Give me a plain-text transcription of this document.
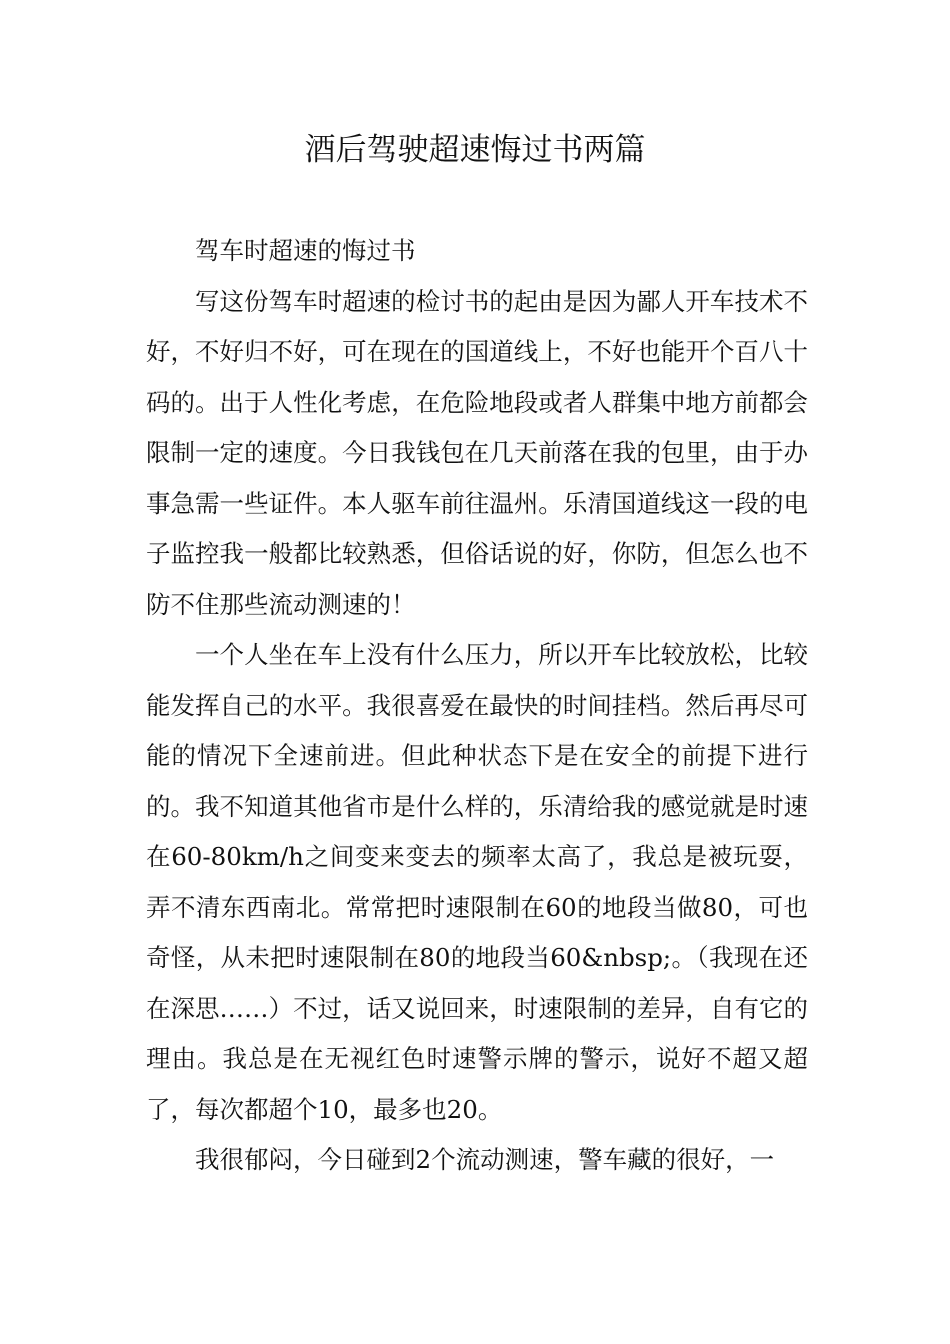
酒后驾驶超速悔过书两篇

驾车时超速的悔过书

写这份驾车时超速的检讨书的起由是因为鄙人开车技术不好，不好归不好，可在现在的国道线上，不好也能开个百八十码的。出于人性化考虑，在危险地段或者人群集中地方前都会限制一定的速度。今日我钱包在几天前落在我的包里，由于办事急需一些证件。本人驱车前往温州。乐清国道线这一段的电子监控我一般都比较熟悉，但俗话说的好，你防，但怎么也不防不住那些流动测速的！

一个人坐在车上没有什么压力，所以开车比较放松，比较能发挥自己的水平。我很喜爱在最快的时间挂档。然后再尽可能的情况下全速前进。但此种状态下是在安全的前提下进行的。我不知道其他省市是什么样的，乐清给我的感觉就是时速在60-80km/h之间变来变去的频率太高了，我总是被玩耍，弄不清东西南北。常常把时速限制在60的地段当做80，可也奇怪，从未把时速限制在80的地段当60&nbsp;。（我现在还在深思……）不过，话又说回来，时速限制的差异，自有它的理由。我总是在无视红色时速警示牌的警示，说好不超又超了，每次都超个10，最多也20。

我很郁闷，今日碰到2个流动测速，警车藏的很好，一
